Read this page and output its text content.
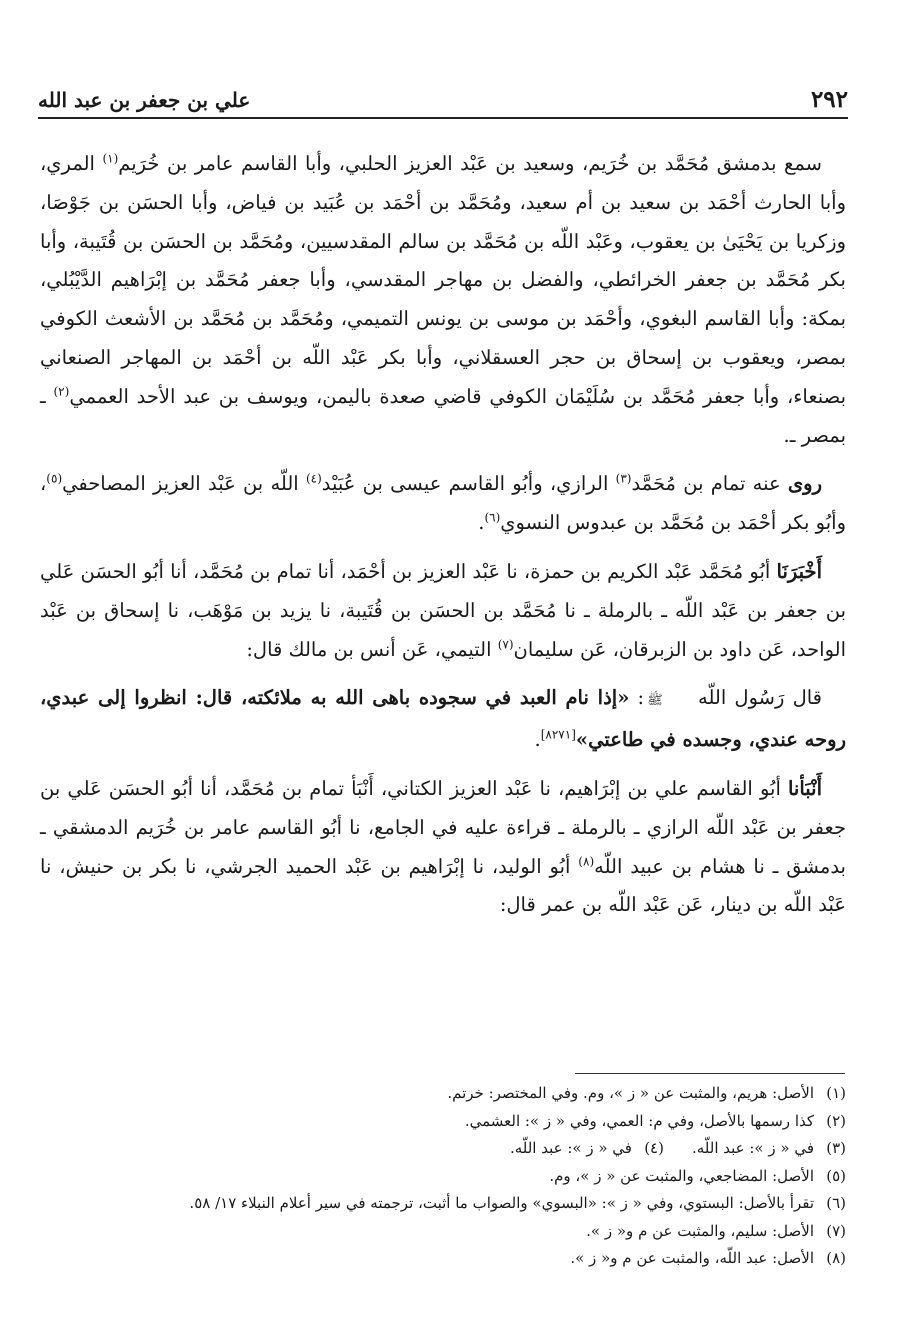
٢٩٢
علي بن جعفر بن عبد الله

سمع بدمشق مُحَمَّد بن خُرَيم، وسعيد بن عَبْد العزيز الحلبي، وأبا القاسم عامر بن خُرَيم$^{(١)}$ المري، وأبا الحارث أحْمَد بن سعيد بن أم سعيد، ومُحَمَّد بن أحْمَد بن عُبَيد بن فياض، وأبا الحسَن بن جَوْصَا، وزكريا بن يَحْيَىٰ بن يعقوب، وعَبْد اللّه بن مُحَمَّد بن سالم المقدسيين، ومُحَمَّد بن الحسَن بن قُتَيبة، وأبا بكر مُحَمَّد بن جعفر الخرائطي، والفضل بن مهاجر المقدسي، وأبا جعفر مُحَمَّد بن إبْرَاهيم الدَّيْبُلي، بمكة: وأبا القاسم البغوي، وأحْمَد بن موسى بن يونس التميمي، ومُحَمَّد بن مُحَمَّد بن الأشعث الكوفي بمصر، ويعقوب بن إسحاق بن حجر العسقلاني، وأبا بكر عَبْد اللّه بن أحْمَد بن المهاجر الصنعاني بصنعاء، وأبا جعفر مُحَمَّد بن سُلَيْمَان الكوفي قاضي صعدة باليمن، ويوسف بن عبد الأحد العممي$^{(٢)}$ ـ بمصر ـ.

روى عنه تمام بن مُحَمَّد$^{(٣)}$ الرازي، وأبُو القاسم عيسى بن عُبَيْد$^{(٤)}$ اللّه بن عَبْد العزيز المصاحفي$^{(٥)}$، وأبُو بكر أحْمَد بن مُحَمَّد بن عبدوس النسوي$^{(٦)}$.

أَخْبَرَنَا أبُو مُحَمَّد عَبْد الكريم بن حمزة، نا عَبْد العزيز بن أحْمَد، أنا تمام بن مُحَمَّد، أنا أبُو الحسَن عَلي بن جعفر بن عَبْد اللّه ـ بالرملة ـ نا مُحَمَّد بن الحسَن بن قُتَيبة، نا يزيد بن مَوْهَب، نا إسحاق بن عَبْد الواحد، عَن داود بن الزبرقان، عَن سليمان$^{(٧)}$ التيمي، عَن أنس بن مالك قال:

قال رَسُول اللّه ﷺ: «إذا نام العبد في سجوده باهى الله به ملائكته، قال: انظروا إلى عبدي، روحه عندي، وجسده في طاعتي»[٨٢٧١].

أَنْبَأنا أبُو القاسم علي بن إبْرَاهيم، نا عَبْد العزيز الكتاني، أَنْبَأ تمام بن مُحَمَّد، أنا أبُو الحسَن عَلي بن جعفر بن عَبْد اللّه الرازي ـ بالرملة ـ قراءة عليه في الجامع، نا أبُو القاسم عامر بن خُرَيم الدمشقي ـ بدمشق ـ نا هشام بن عبيد اللّه$^{(٨)}$ أبُو الوليد، نا إبْرَاهيم بن عَبْد الحميد الجرشي، نا بكر بن حنيش، نا عَبْد اللّه بن دينار، عَن عَبْد اللّه بن عمر قال:

(١)الأصل: هريم، والمثبت عن « ز »، وم. وفي المختصر: خرتم.
(٢)كذا رسمها بالأصل، وفي م: العمي، وفي « ز »: العشمي.
(٣)في « ز »: عبد اللّه.(٤)في « ز »: عبد اللّه.
(٥)الأصل: المضاجعي، والمثبت عن « ز »، وم.
(٦)تقرأ بالأصل: البستوي، وفي « ز »: «البسوي» والصواب ما أثبت، ترجمته في سير أعلام النبلاء ١٧/ ٥٨.
(٧)الأصل: سليم، والمثبت عن م و« ز ».
(٨)الأصل: عبد اللّه، والمثبت عن م و« ز ».
